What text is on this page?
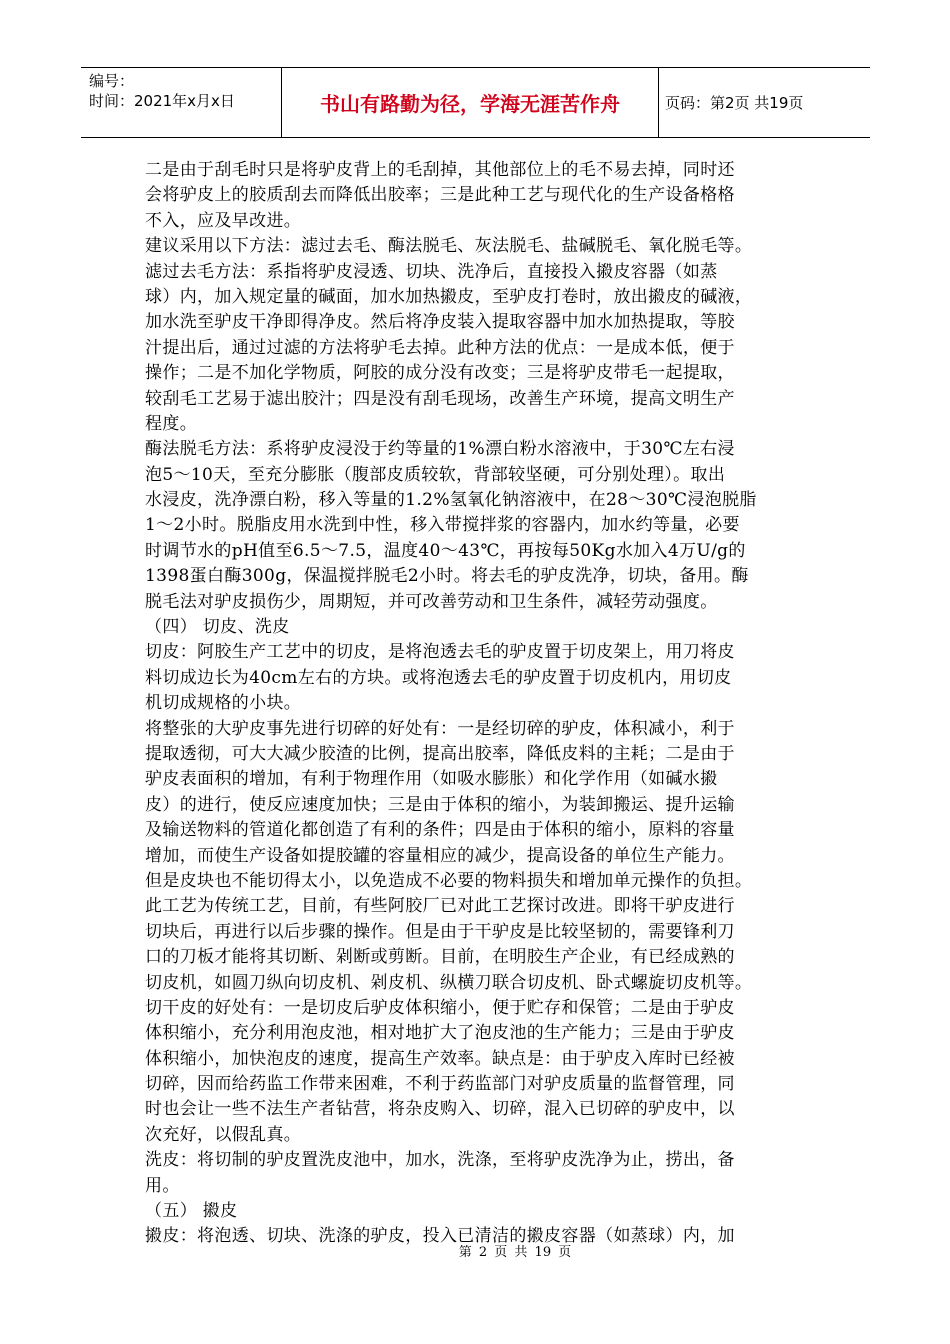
编号：
时间：2021年x月x日	书山有路勤为径，学海无涯苦作舟	页码：第2页 共19页
二是由于刮毛时只是将驴皮背上的毛刮掉，其他部位上的毛不易去掉，同时还
会将驴皮上的胶质刮去而降低出胶率；三是此种工艺与现代化的生产设备格格
不入，应及早改进。
建议采用以下方法：滤过去毛、酶法脱毛、灰法脱毛、盐碱脱毛、氧化脱毛等。
滤过去毛方法：系指将驴皮浸透、切块、洗净后，直接投入摋皮容器（如蒸
球）内，加入规定量的碱面，加水加热摋皮，至驴皮打卷时，放出摋皮的碱液，
加水洗至驴皮干净即得净皮。然后将净皮装入提取容器中加水加热提取，等胶
汁提出后，通过过滤的方法将驴毛去掉。此种方法的优点：一是成本低，便于
操作；二是不加化学物质，阿胶的成分没有改变；三是将驴皮带毛一起提取，
较刮毛工艺易于滤出胶汁；四是没有刮毛现场，改善生产环境，提高文明生产
程度。
酶法脱毛方法：系将驴皮浸没于约等量的1%漂白粉水溶液中，于30℃左右浸
泡5～10天，至充分膨胀（腹部皮质较软，背部较坚硬，可分别处理）。取出
水浸皮，洗净漂白粉，移入等量的1.2%氢氧化钠溶液中，在28～30℃浸泡脱脂
1～2小时。脱脂皮用水洗到中性，移入带搅拌浆的容器内，加水约等量，必要
时调节水的pH值至6.5～7.5，温度40～43℃，再按每50Kg水加入4万U/g的
1398蛋白酶300g，保温搅拌脱毛2小时。将去毛的驴皮洗净，切块，备用。酶
脱毛法对驴皮损伤少，周期短，并可改善劳动和卫生条件，减轻劳动强度。
（四） 切皮、洗皮
切皮：阿胶生产工艺中的切皮，是将泡透去毛的驴皮置于切皮架上，用刀将皮
料切成边长为40cm左右的方块。或将泡透去毛的驴皮置于切皮机内，用切皮
机切成规格的小块。
将整张的大驴皮事先进行切碎的好处有：一是经切碎的驴皮，体积减小，利于
提取透彻，可大大减少胶渣的比例，提高出胶率，降低皮料的主耗；二是由于
驴皮表面积的增加，有利于物理作用（如吸水膨胀）和化学作用（如碱水摋
皮）的进行，使反应速度加快；三是由于体积的缩小，为装卸搬运、提升运输
及输送物料的管道化都创造了有利的条件；四是由于体积的缩小，原料的容量
增加，而使生产设备如提胶罐的容量相应的减少，提高设备的单位生产能力。
但是皮块也不能切得太小，以免造成不必要的物料损失和增加单元操作的负担。
此工艺为传统工艺，目前，有些阿胶厂已对此工艺探讨改进。即将干驴皮进行
切块后，再进行以后步骤的操作。但是由于干驴皮是比较坚韧的，需要锋利刀
口的刀板才能将其切断、剁断或剪断。目前，在明胶生产企业，有已经成熟的
切皮机，如圆刀纵向切皮机、剁皮机、纵横刀联合切皮机、卧式螺旋切皮机等。
切干皮的好处有：一是切皮后驴皮体积缩小，便于贮存和保管；二是由于驴皮
体积缩小，充分利用泡皮池，相对地扩大了泡皮池的生产能力；三是由于驴皮
体积缩小，加快泡皮的速度，提高生产效率。缺点是：由于驴皮入库时已经被
切碎，因而给药监工作带来困难，不利于药监部门对驴皮质量的监督管理，同
时也会让一些不法生产者钻营，将杂皮购入、切碎，混入已切碎的驴皮中，以
次充好，以假乱真。
洗皮：将切制的驴皮置洗皮池中，加水，洗涤，至将驴皮洗净为止，捞出，备
用。
（五） 摋皮
摋皮：将泡透、切块、洗涤的驴皮，投入已清洁的摋皮容器（如蒸球）内，加
第 2 页 共 19 页
